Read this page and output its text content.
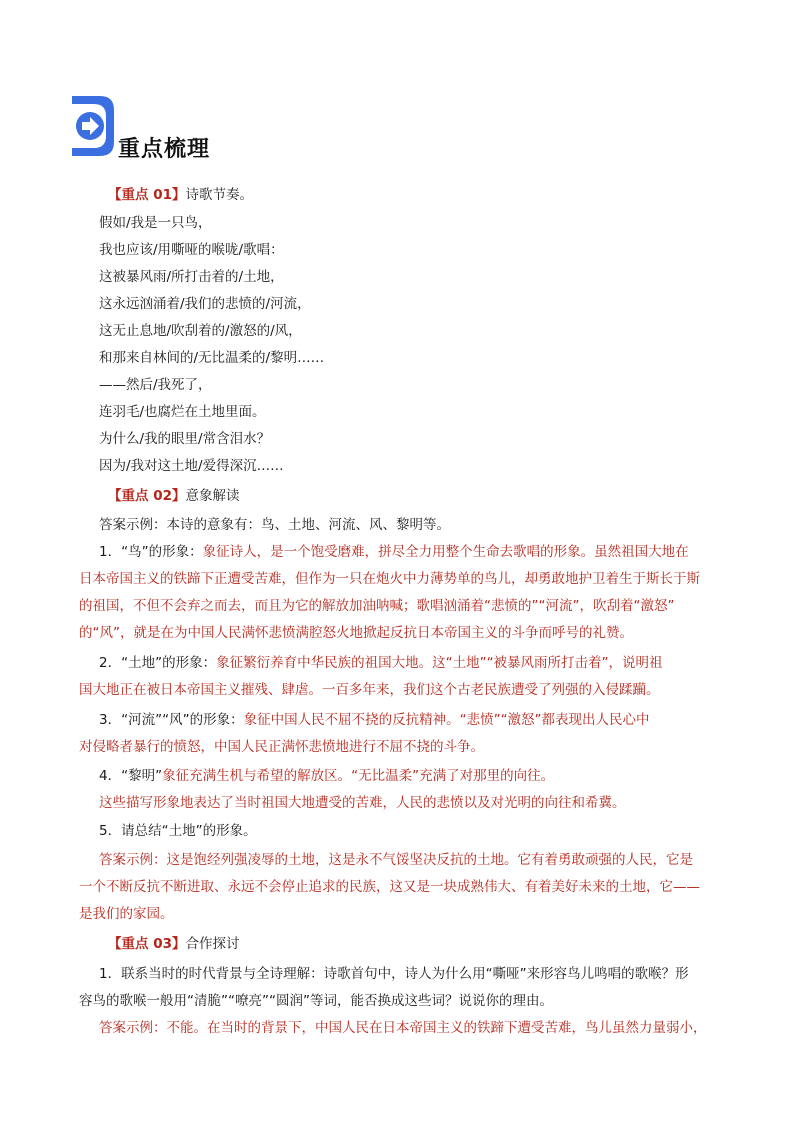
重点梳理
【重点 01】诗歌节奏。
假如/我是一只鸟，
我也应该/用嘶哑的喉咙/歌唱：
这被暴风雨/所打击着的/土地，
这永远汹涌着/我们的悲愤的/河流，
这无止息地/吹刮着的/激怒的/风，
和那来自林间的/无比温柔的/黎明……
——然后/我死了，
连羽毛/也腐烂在土地里面。
为什么/我的眼里/常含泪水？
因为/我对这土地/爱得深沉……
【重点 02】意象解读
答案示例：本诗的意象有：鸟、土地、河流、风、黎明等。
1．“鸟”的形象：象征诗人，是一个饱受磨难，拼尽全力用整个生命去歌唱的形象。虽然祖国大地在
日本帝国主义的铁蹄下正遭受苦难，但作为一只在炮火中力薄势单的鸟儿，却勇敢地护卫着生于斯长于斯
的祖国，不但不会弃之而去，而且为它的解放加油呐喊；歌唱汹涌着“悲愤的”“河流”，吹刮着“激怒”
的“风”，就是在为中国人民满怀悲愤满腔怒火地掀起反抗日本帝国主义的斗争而呼号的礼赞。
2．“土地”的形象：象征繁衍养育中华民族的祖国大地。这“土地”“被暴风雨所打击着”，说明祖
国大地正在被日本帝国主义摧残、肆虐。一百多年来，我们这个古老民族遭受了列强的入侵蹂躏。
3．“河流”“风”的形象：象征中国人民不屈不挠的反抗精神。“悲愤”“激怒”都表现出人民心中
对侵略者暴行的愤怒，中国人民正满怀悲愤地进行不屈不挠的斗争。
4．“黎明”象征充满生机与希望的解放区。“无比温柔”充满了对那里的向往。
这些描写形象地表达了当时祖国大地遭受的苦难，人民的悲愤以及对光明的向往和希冀。
5．请总结“土地”的形象。
答案示例：这是饱经列强凌辱的土地，这是永不气馁坚决反抗的土地。它有着勇敢顽强的人民，它是
一个不断反抗不断进取、永远不会停止追求的民族，这又是一块成熟伟大、有着美好未来的土地，它——
是我们的家园。
【重点 03】合作探讨
1．联系当时的时代背景与全诗理解：诗歌首句中，诗人为什么用“嘶哑”来形容鸟儿鸣唱的歌喉？形
容鸟的歌喉一般用“清脆”“嘹亮”“圆润”等词，能否换成这些词？说说你的理由。
答案示例：不能。在当时的背景下，中国人民在日本帝国主义的铁蹄下遭受苦难，鸟儿虽然力量弱小，
